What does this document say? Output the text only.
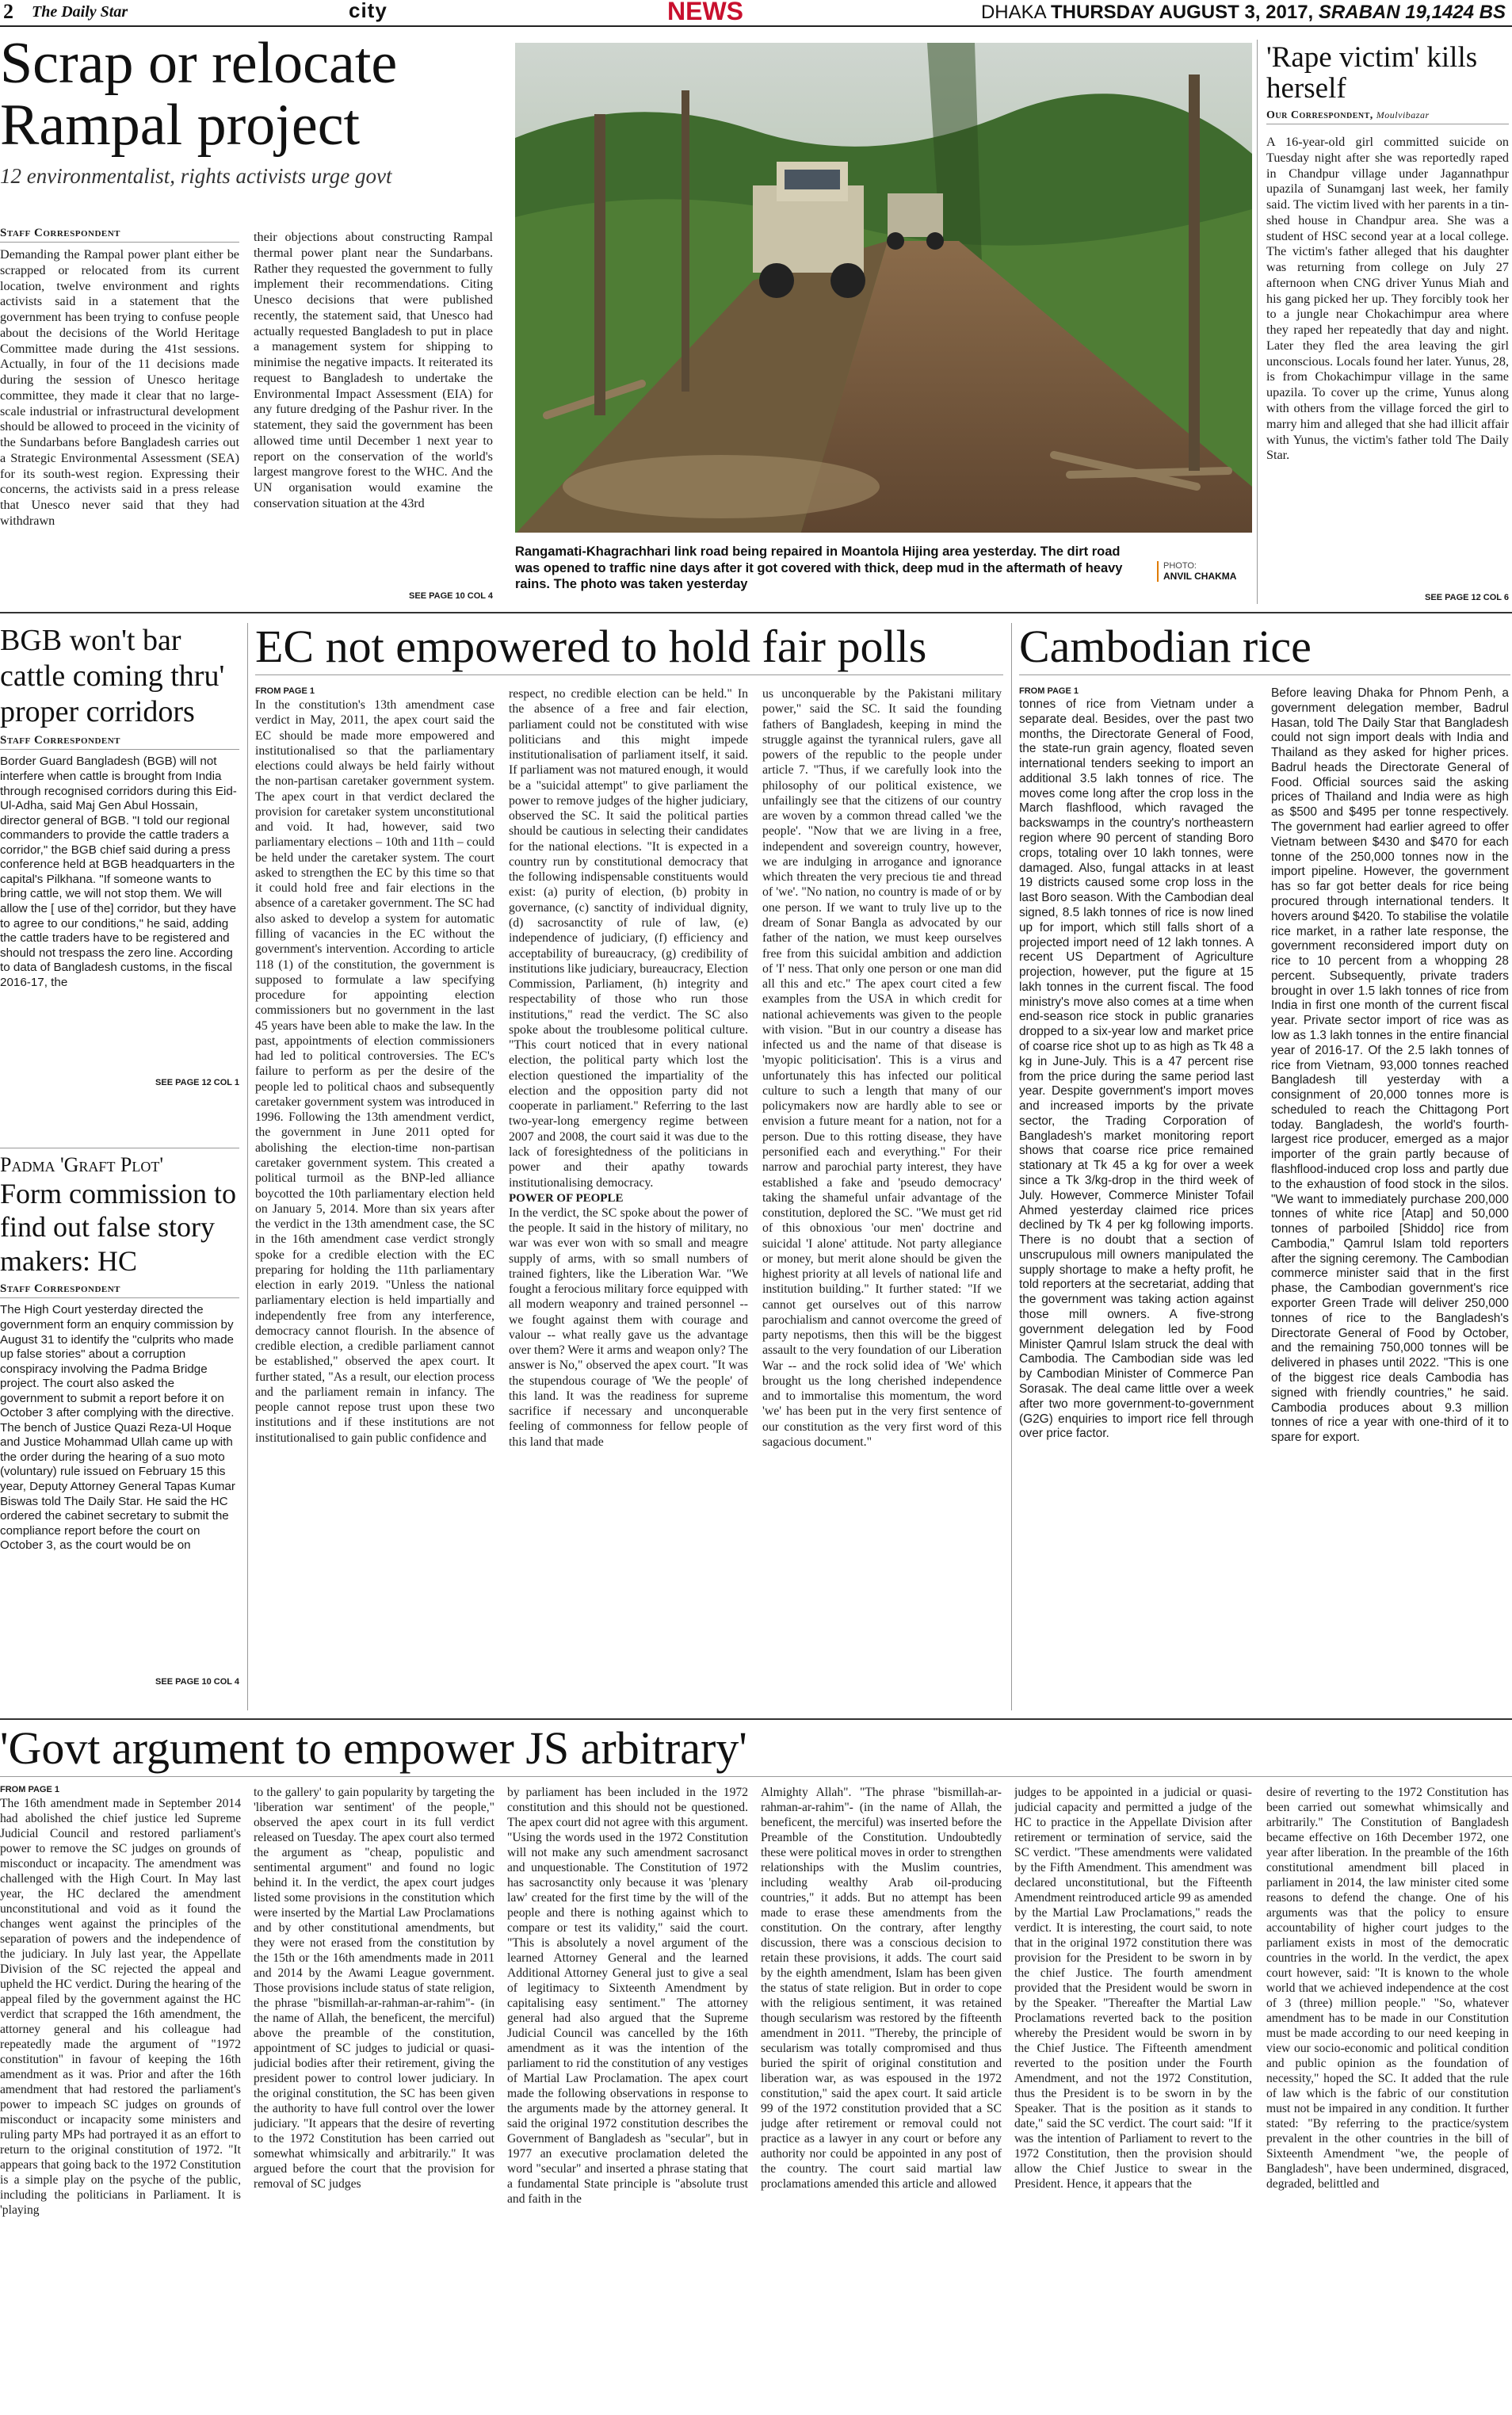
2 The Daily Star	city	NEWS	DHAKA THURSDAY AUGUST 3, 2017, SRABAN 19,1424 BS
Scrap or relocate Rampal project
12 environmentalist, rights activists urge govt
Staff Correspondent
Demanding the Rampal power plant either be scrapped or relocated from its current location, twelve environment and rights activists said in a statement that the government has been trying to confuse people about the decisions of the World Heritage Committee made during the 41st sessions. Actually, in four of the 11 decisions made during the session of Unesco heritage committee, they made it clear that no large-scale industrial or infrastructural development should be allowed to proceed in the vicinity of the Sundarbans before Bangladesh carries out a Strategic Environmental Assessment (SEA) for its south-west region. Expressing their concerns, the activists said in a press release that Unesco never said that they had withdrawn
their objections about constructing Rampal thermal power plant near the Sundarbans. Rather they requested the government to fully implement their recommendations. Citing Unesco decisions that were published recently, the statement said, that Unesco had actually requested Bangladesh to put in place a management system for shipping to minimise the negative impacts. It reiterated its request to Bangladesh to undertake the Environmental Impact Assessment (EIA) for any future dredging of the Pashur river. In the statement, they said the government has been allowed time until December 1 next year to report on the conservation of the world's largest mangrove forest to the WHC. And the UN organisation would examine the conservation situation at the 43rd
SEE PAGE 10 COL 4
Rangamati-Khagrachhari link road being repaired in Moantola Hijing area yesterday. The dirt road was opened to traffic nine days after it got covered with thick, deep mud in the aftermath of heavy rains. The photo was taken yesterday
PHOTO:
ANVIL CHAKMA
'Rape victim' kills herself
Our Correspondent, Moulvibazar
A 16-year-old girl committed suicide on Tuesday night after she was reportedly raped in Chandpur village under Jagannathpur upazila of Sunamganj last week, her family said. The victim lived with her parents in a tin-shed house in Chandpur area. She was a student of HSC second year at a local college. The victim's father alleged that his daughter was returning from college on July 27 afternoon when CNG driver Yunus Miah and his gang picked her up. They forcibly took her to a jungle near Chokachimpur area where they raped her repeatedly that day and night. Later they fled the area leaving the girl unconscious. Locals found her later. Yunus, 28, is from Chokachimpur village in the same upazila. To cover up the crime, Yunus along with others from the village forced the girl to marry him and alleged that she had illicit affair with Yunus, the victim's father told The Daily Star.
SEE PAGE 12 COL 6
BGB won't bar cattle coming thru' proper corridors
Staff Correspondent
Border Guard Bangladesh (BGB) will not interfere when cattle is brought from India through recognised corridors during this Eid-Ul-Adha, said Maj Gen Abul Hossain, director general of BGB. "I told our regional commanders to provide the cattle traders a corridor," the BGB chief said during a press conference held at BGB headquarters in the capital's Pilkhana. "If someone wants to bring cattle, we will not stop them. We will allow the [ use of the] corridor, but they have to agree to our conditions," he said, adding the cattle traders have to be registered and should not trespass the zero line. According to data of Bangladesh customs, in the fiscal 2016-17, the
SEE PAGE 12 COL 1
Padma 'Graft Plot'
Form commission to find out false story makers: HC
Staff Correspondent
The High Court yesterday directed the government form an enquiry commission by August 31 to identify the "culprits who made up false stories" about a corruption conspiracy involving the Padma Bridge project. The court also asked the government to submit a report before it on October 3 after complying with the directive. The bench of Justice Quazi Reza-Ul Hoque and Justice Mohammad Ullah came up with the order during the hearing of a suo moto (voluntary) rule issued on February 15 this year, Deputy Attorney General Tapas Kumar Biswas told The Daily Star. He said the HC ordered the cabinet secretary to submit the compliance report before the court on October 3, as the court would be on
SEE PAGE 10 COL 4
EC not empowered to hold fair polls
FROM PAGE 1
In the constitution's 13th amendment case verdict in May, 2011, the apex court said the EC should be made more empowered and institutionalised so that the parliamentary elections could always be held fairly without the non-partisan caretaker government system. The apex court in that verdict declared the provision for caretaker system unconstitutional and void. It had, however, said two parliamentary elections – 10th and 11th – could be held under the caretaker system. The court asked to strengthen the EC by this time so that it could hold free and fair elections in the absence of a caretaker government. The SC had also asked to develop a system for automatic filling of vacancies in the EC without the government's intervention. According to article 118 (1) of the constitution, the government is supposed to formulate a law specifying procedure for appointing election commissioners but no government in the last 45 years have been able to make the law. In the past, appointments of election commissioners had led to political controversies. The EC's failure to perform as per the desire of the people led to political chaos and subsequently caretaker government system was introduced in 1996. Following the 13th amendment verdict, the government in June 2011 opted for abolishing the election-time non-partisan caretaker government system. This created a political turmoil as the BNP-led alliance boycotted the 10th parliamentary election held on January 5, 2014. More than six years after the verdict in the 13th amendment case, the SC in the 16th amendment case verdict strongly spoke for a credible election with the EC preparing for holding the 11th parliamentary election in early 2019. "Unless the national parliamentary election is held impartially and independently free from any interference, democracy cannot flourish. In the absence of credible election, a credible parliament cannot be established," observed the apex court. It further stated, "As a result, our election process and the parliament remain in infancy. The people cannot repose trust upon these two institutions and if these institutions are not institutionalised to gain public confidence and
respect, no credible election can be held." In the absence of a free and fair election, parliament could not be constituted with wise politicians and this might impede institutionalisation of parliament itself, it said. If parliament was not matured enough, it would be a "suicidal attempt" to give parliament the power to remove judges of the higher judiciary, observed the SC. It said the political parties should be cautious in selecting their candidates for the national elections. "It is expected in a country run by constitutional democracy that the following indispensable constituents would exist: (a) purity of election, (b) probity in governance, (c) sanctity of individual dignity, (d) sacrosanctity of rule of law, (e) independence of judiciary, (f) efficiency and acceptability of bureaucracy, (g) credibility of institutions like judiciary, bureaucracy, Election Commission, Parliament, (h) integrity and respectability of those who run those institutions," read the verdict. The SC also spoke about the troublesome political culture. "This court noticed that in every national election, the political party which lost the election questioned the impartiality of the election and the opposition party did not cooperate in parliament." Referring to the last two-year-long emergency regime between 2007 and 2008, the court said it was due to the lack of foresightedness of the politicians in power and their apathy towards institutionalising democracy.
POWER OF PEOPLE
In the verdict, the SC spoke about the power of the people. It said in the history of military, no war was ever won with so small and meagre supply of arms, with so small numbers of trained fighters, like the Liberation War. "We fought a ferocious military force equipped with all modern weaponry and trained personnel -- we fought against them with courage and valour -- what really gave us the advantage over them? Were it arms and weapon only? The answer is No," observed the apex court. "It was the stupendous courage of 'We the people' of this land. It was the readiness for supreme sacrifice if necessary and unconquerable feeling of commonness for fellow people of this land that made
us unconquerable by the Pakistani military power," said the SC. It said the founding fathers of Bangladesh, keeping in mind the struggle against the tyrannical rulers, gave all powers of the republic to the people under article 7. "Thus, if we carefully look into the philosophy of our political existence, we unfailingly see that the citizens of our country are woven by a common thread called 'we the people'. "Now that we are living in a free, independent and sovereign country, however, we are indulging in arrogance and ignorance which threaten the very precious tie and thread of 'we'. "No nation, no country is made of or by one person. If we want to truly live up to the dream of Sonar Bangla as advocated by our father of the nation, we must keep ourselves free from this suicidal ambition and addiction of 'I' ness. That only one person or one man did all this and etc." The apex court cited a few examples from the USA in which credit for national achievements was given to the people with vision. "But in our country a disease has infected us and the name of that disease is 'myopic politicisation'. This is a virus and unfortunately this has infected our political culture to such a length that many of our policymakers now are hardly able to see or envision a future meant for a nation, not for a person. Due to this rotting disease, they have personified each and everything." For their narrow and parochial party interest, they have established a fake and 'pseudo democracy' taking the shameful unfair advantage of the constitution, deplored the SC. "We must get rid of this obnoxious 'our men' doctrine and suicidal 'I alone' attitude. Not party allegiance or money, but merit alone should be given the highest priority at all levels of national life and institution building." It further stated: "If we cannot get ourselves out of this narrow parochialism and cannot overcome the greed of party nepotisms, then this will be the biggest assault to the very foundation of our Liberation War -- and the rock solid idea of 'We' which brought us the long cherished independence and to immortalise this momentum, the word 'we' has been put in the very first sentence of our constitution as the very first word of this sagacious document."
Cambodian rice
FROM PAGE 1
tonnes of rice from Vietnam under a separate deal. Besides, over the past two months, the Directorate General of Food, the state-run grain agency, floated seven international tenders seeking to import an additional 3.5 lakh tonnes of rice. The moves come long after the crop loss in the March flashflood, which ravaged the backswamps in the country's northeastern region where 90 percent of standing Boro crops, totaling over 10 lakh tonnes, were damaged. Also, fungal attacks in at least 19 districts caused some crop loss in the last Boro season. With the Cambodian deal signed, 8.5 lakh tonnes of rice is now lined up for import, which still falls short of a projected import need of 12 lakh tonnes. A recent US Department of Agriculture projection, however, put the figure at 15 lakh tonnes in the current fiscal. The food ministry's move also comes at a time when end-season rice stock in public granaries dropped to a six-year low and market price of coarse rice shot up to as high as Tk 48 a kg in June-July. This is a 47 percent rise from the price during the same period last year. Despite government's import moves and increased imports by the private sector, the Trading Corporation of Bangladesh's market monitoring report shows that coarse rice price remained stationary at Tk 45 a kg for over a week since a Tk 3/kg-drop in the third week of July. However, Commerce Minister Tofail Ahmed yesterday claimed rice prices declined by Tk 4 per kg following imports. There is no doubt that a section of unscrupulous mill owners manipulated the supply shortage to make a hefty profit, he told reporters at the secretariat, adding that the government was taking action against those mill owners. A five-strong government delegation led by Food Minister Qamrul Islam struck the deal with Cambodia. The Cambodian side was led by Cambodian Minister of Commerce Pan Sorasak. The deal came little over a week after two more government-to-government (G2G) enquiries to import rice fell through over price factor.
Before leaving Dhaka for Phnom Penh, a government delegation member, Badrul Hasan, told The Daily Star that Bangladesh could not sign import deals with India and Thailand as they asked for higher prices. Badrul heads the Directorate General of Food. Official sources said the asking prices of Thailand and India were as high as $500 and $495 per tonne respectively. The government had earlier agreed to offer Vietnam between $430 and $470 for each tonne of the 250,000 tonnes now in the import pipeline. However, the government has so far got better deals for rice being procured through international tenders. It hovers around $420. To stabilise the volatile rice market, in a rather late response, the government reconsidered import duty on rice to 10 percent from a whopping 28 percent. Subsequently, private traders brought in over 1.5 lakh tonnes of rice from India in first one month of the current fiscal year. Private sector import of rice was as low as 1.3 lakh tonnes in the entire financial year of 2016-17. Of the 2.5 lakh tonnes of rice from Vietnam, 93,000 tonnes reached Bangladesh till yesterday with a consignment of 20,000 tonnes more is scheduled to reach the Chittagong Port today. Bangladesh, the world's fourth-largest rice producer, emerged as a major importer of the grain partly because of flashflood-induced crop loss and partly due to the exhaustion of food stock in the silos. "We want to immediately purchase 200,000 tonnes of white rice [Atap] and 50,000 tonnes of parboiled [Shiddo] rice from Cambodia," Qamrul Islam told reporters after the signing ceremony. The Cambodian commerce minister said that in the first phase, the Cambodian government's rice exporter Green Trade will deliver 250,000 tonnes of rice to the Bangladesh's Directorate General of Food by October, and the remaining 750,000 tonnes will be delivered in phases until 2022. "This is one of the biggest rice deals Cambodia has signed with friendly countries," he said. Cambodia produces about 9.3 million tonnes of rice a year with one-third of it to spare for export.
'Govt argument to empower JS arbitrary'
FROM PAGE 1
The 16th amendment made in September 2014 had abolished the chief justice led Supreme Judicial Council and restored parliament's power to remove the SC judges on grounds of misconduct or incapacity. The amendment was challenged with the High Court. In May last year, the HC declared the amendment unconstitutional and void as it found the changes went against the principles of the separation of powers and the independence of the judiciary. In July last year, the Appellate Division of the SC rejected the appeal and upheld the HC verdict. During the hearing of the appeal filed by the government against the HC verdict that scrapped the 16th amendment, the attorney general and his colleague had repeatedly made the argument of "1972 constitution" in favour of keeping the 16th amendment as it was. Prior and after the 16th amendment that had restored the parliament's power to impeach SC judges on grounds of misconduct or incapacity some ministers and ruling party MPs had portrayed it as an effort to return to the original constitution of 1972. "It appears that going back to the 1972 Constitution is a simple play on the psyche of the public, including the politicians in Parliament. It is 'playing
to the gallery' to gain popularity by targeting the 'liberation war sentiment' of the people," observed the apex court in its full verdict released on Tuesday. The apex court also termed the argument as "cheap, populistic and sentimental argument" and found no logic behind it. In the verdict, the apex court judges listed some provisions in the constitution which were inserted by the Martial Law Proclamations and by other constitutional amendments, but they were not erased from the constitution by the 15th or the 16th amendments made in 2011 and 2014 by the Awami League government. Those provisions include status of state religion, the phrase "bismillah-ar-rahman-ar-rahim"- (in the name of Allah, the beneficent, the merciful) above the preamble of the constitution, appointment of SC judges to judicial or quasi-judicial bodies after their retirement, giving the president power to control lower judiciary. In the original constitution, the SC has been given the authority to have full control over the lower judiciary. "It appears that the desire of reverting to the 1972 Constitution has been carried out somewhat whimsically and arbitrarily." It was argued before the court that the provision for removal of SC judges
by parliament has been included in the 1972 constitution and this should not be questioned. The apex court did not agree with this argument. "Using the words used in the 1972 Constitution will not make any such amendment sacrosanct and unquestionable. The Constitution of 1972 has sacrosanctity only because it was 'plenary law' created for the first time by the will of the people and there is nothing against which to compare or test its validity," said the court. "This is absolutely a novel argument of the learned Attorney General and the learned Additional Attorney General just to give a seal of legitimacy to Sixteenth Amendment by capitalising easy sentiment." The attorney general had also argued that the Supreme Judicial Council was cancelled by the 16th amendment as it was the intention of the parliament to rid the constitution of any vestiges of Martial Law Proclamation. The apex court made the following observations in response to the arguments made by the attorney general. It said the original 1972 constitution describes the Government of Bangladesh as "secular", but in 1977 an executive proclamation deleted the word "secular" and inserted a phrase stating that a fundamental State principle is "absolute trust and faith in the
Almighty Allah". "The phrase "bismillah-ar-rahman-ar-rahim"- (in the name of Allah, the beneficent, the merciful) was inserted before the Preamble of the Constitution. Undoubtedly these were political moves in order to strengthen relationships with the Muslim countries, including wealthy Arab oil-producing countries," it adds. But no attempt has been made to erase these amendments from the constitution. On the contrary, after lengthy discussion, there was a conscious decision to retain these provisions, it adds. The court said by the eighth amendment, Islam has been given the status of state religion. But in order to cope with the religious sentiment, it was retained though secularism was restored by the fifteenth amendment in 2011. "Thereby, the principle of secularism was totally compromised and thus buried the spirit of original constitution and liberation war, as was espoused in the 1972 constitution," said the apex court. It said article 99 of the 1972 constitution provided that a SC judge after retirement or removal could not practice as a lawyer in any court or before any authority nor could be appointed in any post of the country. The court said martial law proclamations amended this article and allowed
judges to be appointed in a judicial or quasi-judicial capacity and permitted a judge of the HC to practice in the Appellate Division after retirement or termination of service, said the SC verdict. "These amendments were validated by the Fifth Amendment. This amendment was declared unconstitutional, but the Fifteenth Amendment reintroduced article 99 as amended by the Martial Law Proclamations," reads the verdict. It is interesting, the court said, to note that in the original 1972 constitution there was provision for the President to be sworn in by the chief Justice. The fourth amendment provided that the President would be sworn in by the Speaker. "Thereafter the Martial Law Proclamations reverted back to the position whereby the President would be sworn in by the Chief Justice. The Fifteenth amendment reverted to the position under the Fourth Amendment, and not the 1972 Constitution, thus the President is to be sworn in by the Speaker. That is the position as it stands to date," said the SC verdict. The court said: "If it was the intention of Parliament to revert to the 1972 Constitution, then the provision should allow the Chief Justice to swear in the President. Hence, it appears that the
desire of reverting to the 1972 Constitution has been carried out somewhat whimsically and arbitrarily." The Constitution of Bangladesh became effective on 16th December 1972, one year after liberation. In the preamble of the 16th constitutional amendment bill placed in parliament in 2014, the law minister cited some reasons to defend the change. One of his arguments was that the policy to ensure accountability of higher court judges to the parliament exists in most of the democratic countries in the world. In the verdict, the apex court however, said: "It is known to the whole world that we achieved independence at the cost of 3 (three) million people." "So, whatever amendment has to be made in our Constitution must be made according to our need keeping in view our socio-economic and political condition and public opinion as the foundation of necessity," hoped the SC. It added that the rule of law which is the fabric of our constitution must not be impaired in any condition. It further stated: "By referring to the practice/system prevalent in the other countries in the bill of Sixteenth Amendment "we, the people of Bangladesh", have been undermined, disgraced, degraded, belittled and
